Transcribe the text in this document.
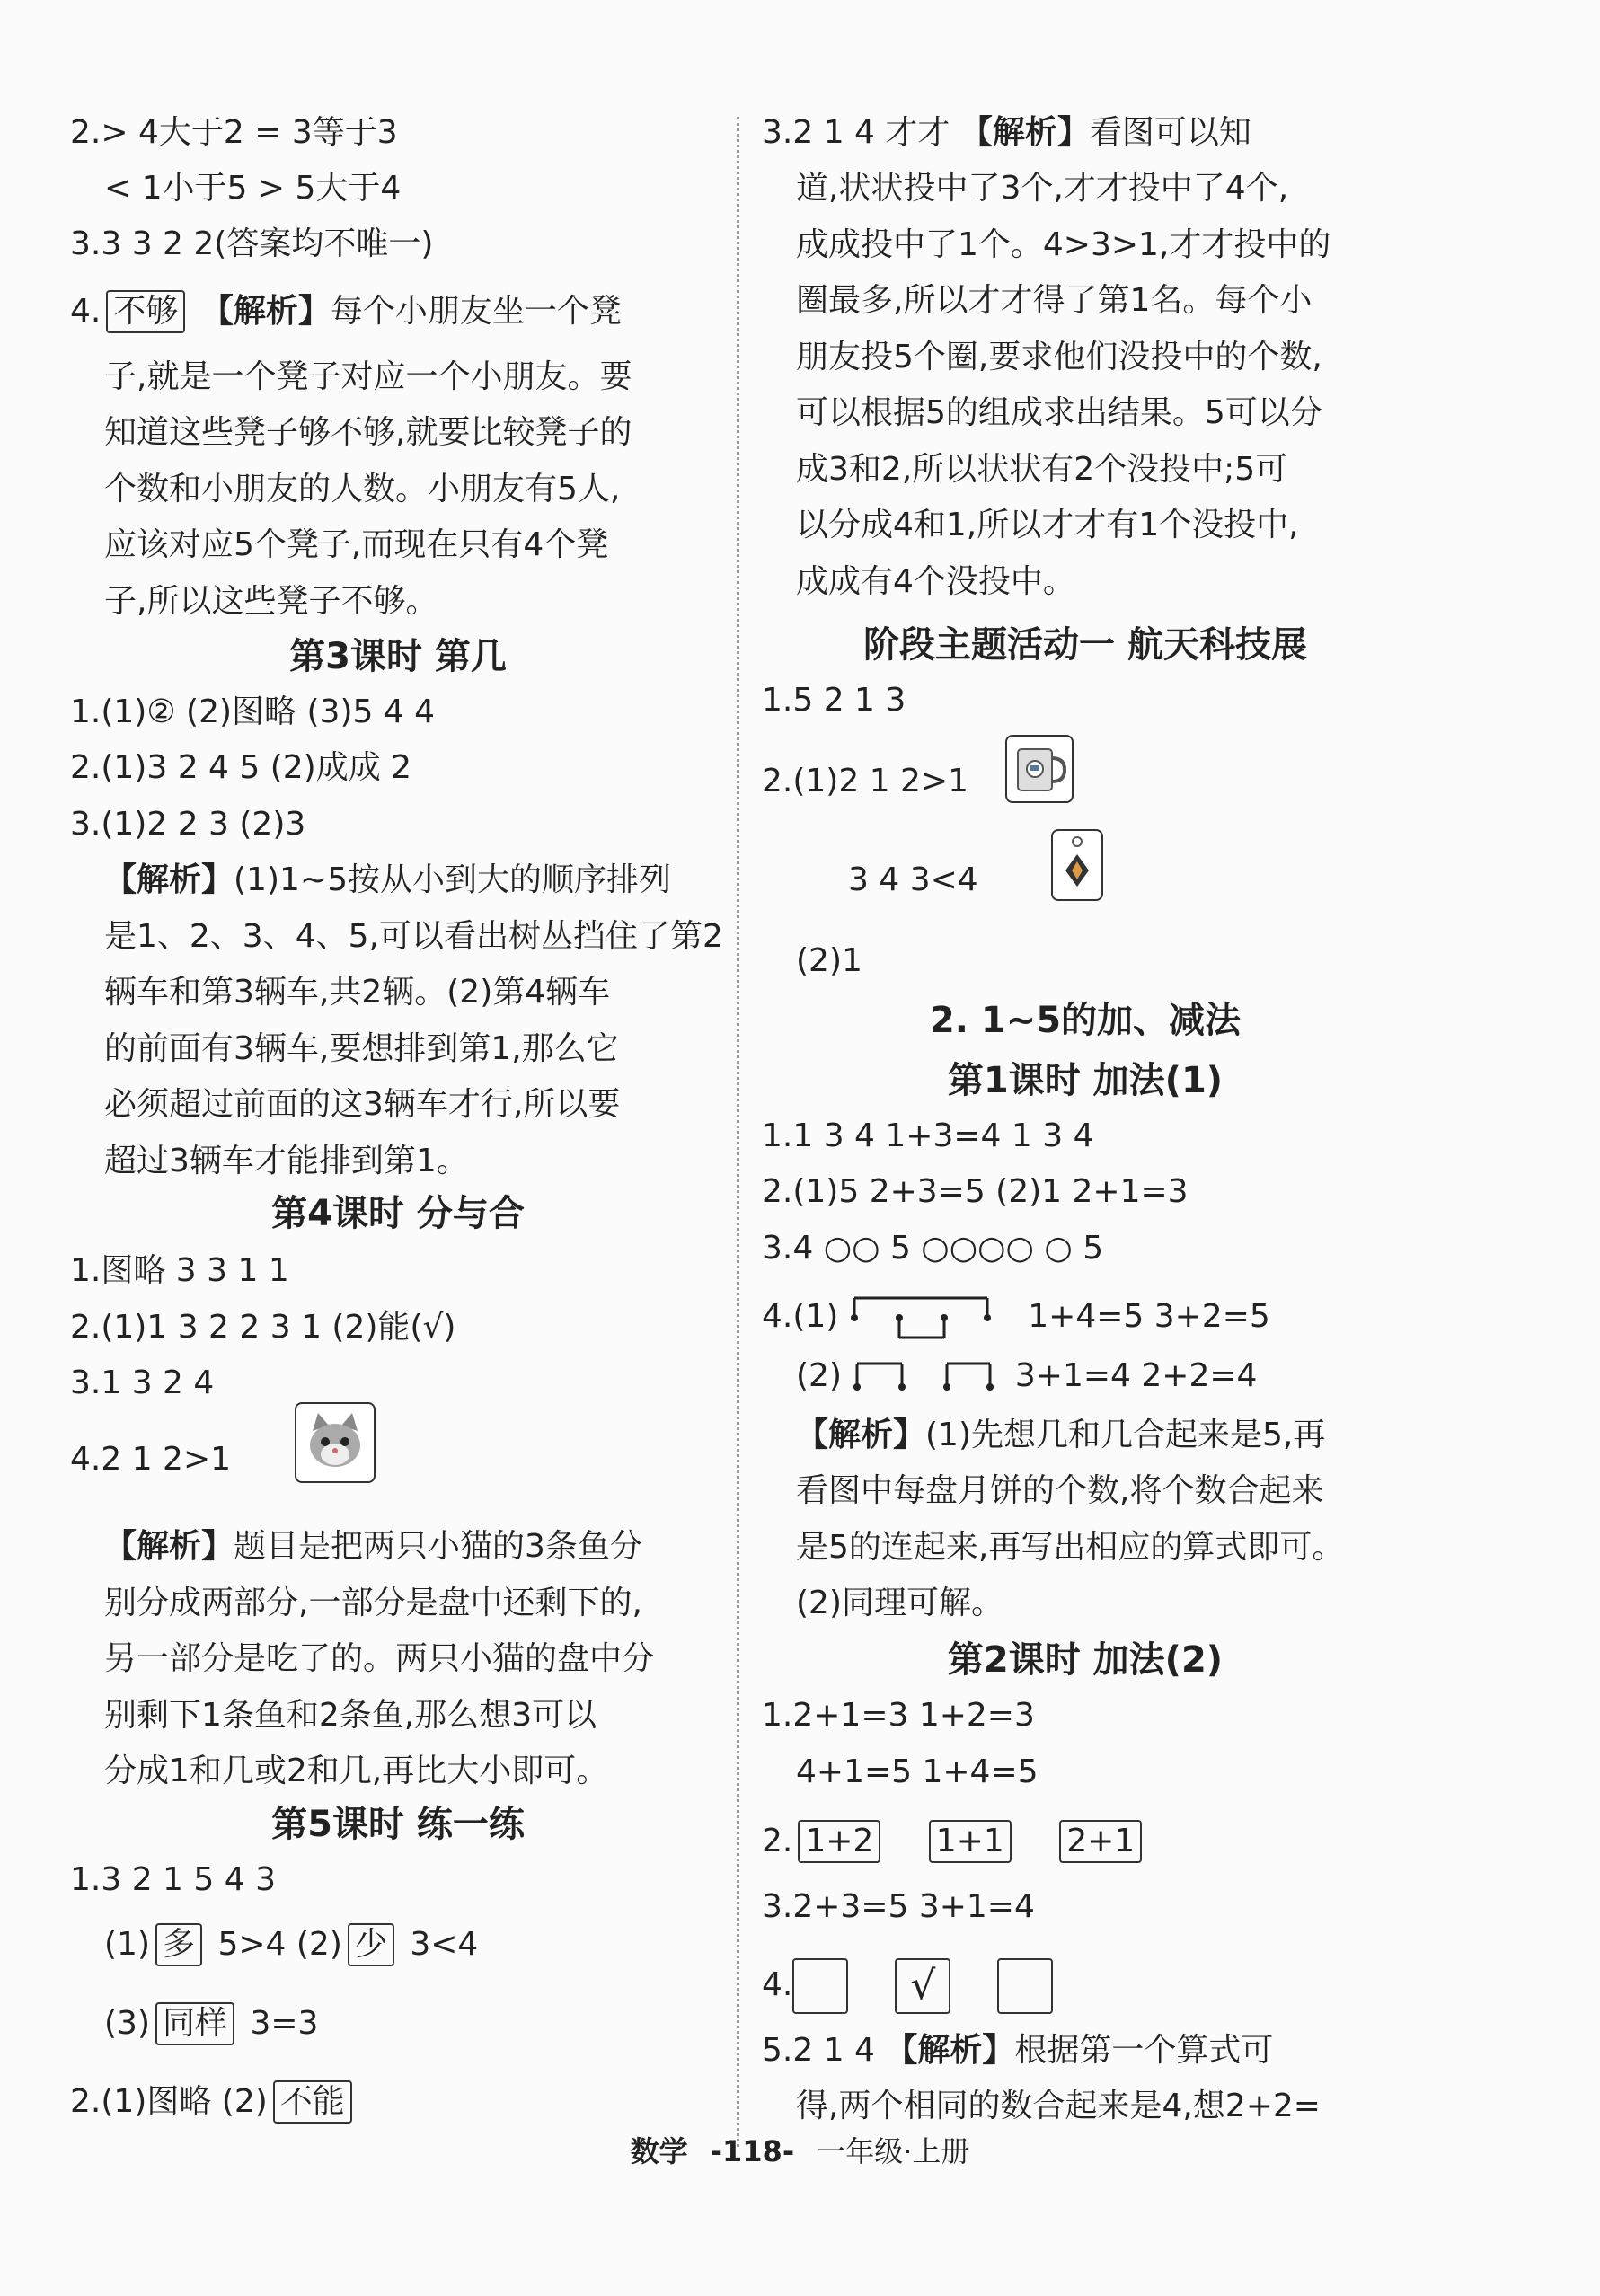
2.> 4大于2 = 3等于3
< 1小于5 > 5大于4
3.3 3 2 2(答案均不唯一)
4. 不够 【解析】每个小朋友坐一个凳
子,就是一个凳子对应一个小朋友。要
知道这些凳子够不够,就要比较凳子的
个数和小朋友的人数。小朋友有5人,
应该对应5个凳子,而现在只有4个凳
子,所以这些凳子不够。
第3课时 第几
1.(1)② (2)图略 (3)5 4 4
2.(1)3 2 4 5 (2)成成 2
3.(1)2 2 3 (2)3
【解析】(1)1~5按从小到大的顺序排列
是1、2、3、4、5,可以看出树丛挡住了第2
辆车和第3辆车,共2辆。(2)第4辆车
的前面有3辆车,要想排到第1,那么它
必须超过前面的这3辆车才行,所以要
超过3辆车才能排到第1。
第4课时 分与合
1.图略 3 3 1 1
2.(1)1 3 2 2 3 1 (2)能(√)
3.1 3 2 4
4.2 1 2>1
【解析】题目是把两只小猫的3条鱼分
别分成两部分,一部分是盘中还剩下的,
另一部分是吃了的。两只小猫的盘中分
别剩下1条鱼和2条鱼,那么想3可以
分成1和几或2和几,再比大小即可。
第5课时 练一练
1.3 2 1 5 4 3
(1) 多 5>4 (2) 少 3<4
(3) 同样 3=3
2.(1)图略 (2) 不能
3.2 1 4 才才 【解析】看图可以知
道,状状投中了3个,才才投中了4个,
成成投中了1个。4>3>1,才才投中的
圈最多,所以才才得了第1名。每个小
朋友投5个圈,要求他们没投中的个数,
可以根据5的组成求出结果。5可以分
成3和2,所以状状有2个没投中;5可
以分成4和1,所以才才有1个没投中,
成成有4个没投中。
阶段主题活动一 航天科技展
1.5 2 1 3
2.(1)2 1 2>1
3 4 3<4
(2)1
2. 1~5的加、减法
第1课时 加法(1)
1.1 3 4 1+3=4 1 3 4
2.(1)5 2+3=5 (2)1 2+1=3
3.4 ○○ 5 ○○○○ ○ 5
4.(1)	1+4=5 3+2=5
(2)	3+1=4 2+2=4
【解析】(1)先想几和几合起来是5,再
看图中每盘月饼的个数,将个数合起来
是5的连起来,再写出相应的算式即可。
(2)同理可解。
第2课时 加法(2)
1.2+1=3 1+2=3
4+1=5 1+4=5
2. 1+2 1+1 2+1
3.2+3=5 3+1=4
4.	√
5.2 1 4 【解析】根据第一个算式可
得,两个相同的数合起来是4,想2+2=
数学 -118- 一年级·上册
